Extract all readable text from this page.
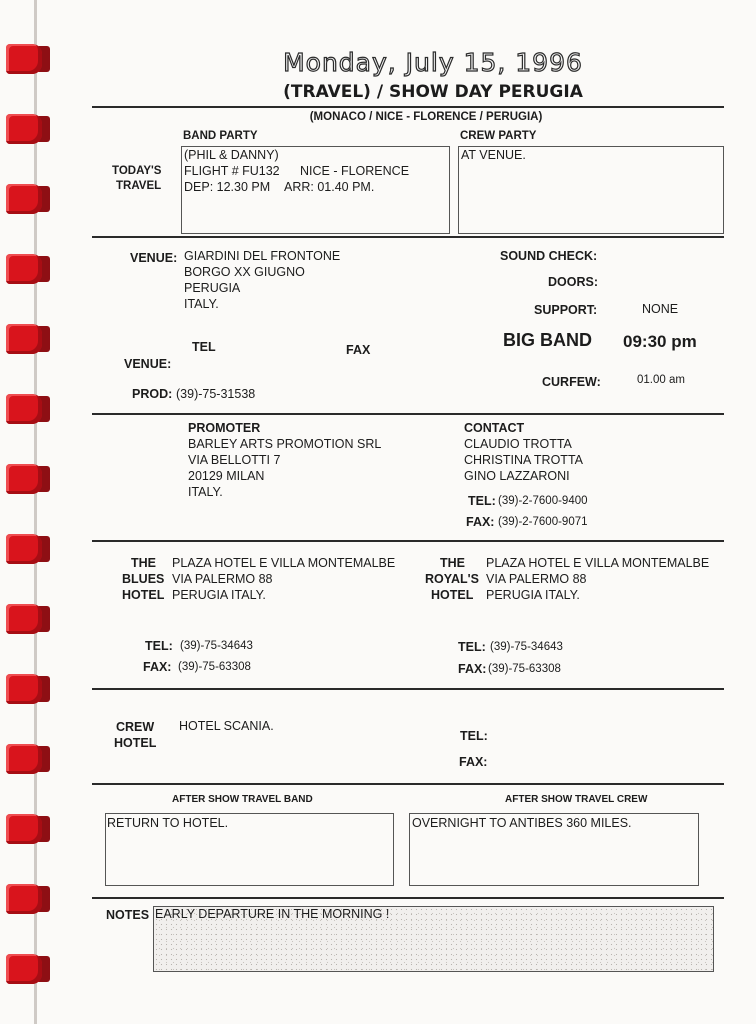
Monday, July 15, 1996
(TRAVEL) / SHOW DAY PERUGIA
(MONACO / NICE - FLORENCE / PERUGIA)
BAND PARTY	CREW PARTY
TODAY'S
TRAVEL
(PHIL & DANNY)
FLIGHT # FU132 NICE - FLORENCE
DEP: 12.30 PM ARR: 01.40 PM.
AT VENUE.
VENUE: GIARDINI DEL FRONTONE
BORGO XX GIUGNO
PERUGIA
ITALY.
TEL	FAX
VENUE:
PROD: (39)-75-31538
SOUND CHECK:
DOORS:
SUPPORT:	NONE
BIG BAND 09:30 pm
CURFEW:	01.00 am
PROMOTER
BARLEY ARTS PROMOTION SRL
VIA BELLOTTI 7
20129 MILAN
ITALY.
CONTACT
CLAUDIO TROTTA
CHRISTINA TROTTA
GINO LAZZARONI
TEL: (39)-2-7600-9400
FAX: (39)-2-7600-9071
THE
BLUES
HOTEL
PLAZA HOTEL E VILLA MONTEMALBE
VIA PALERMO 88
PERUGIA ITALY.
TEL: (39)-75-34643
FAX: (39)-75-63308
THE
ROYAL'S
HOTEL
PLAZA HOTEL E VILLA MONTEMALBE
VIA PALERMO 88
PERUGIA ITALY.
TEL: (39)-75-34643
FAX: (39)-75-63308
CREW
HOTEL
HOTEL SCANIA.
TEL:
FAX:
AFTER SHOW TRAVEL BAND	AFTER SHOW TRAVEL CREW
RETURN TO HOTEL.	OVERNIGHT TO ANTIBES 360 MILES.
NOTES EARLY DEPARTURE IN THE MORNING !
